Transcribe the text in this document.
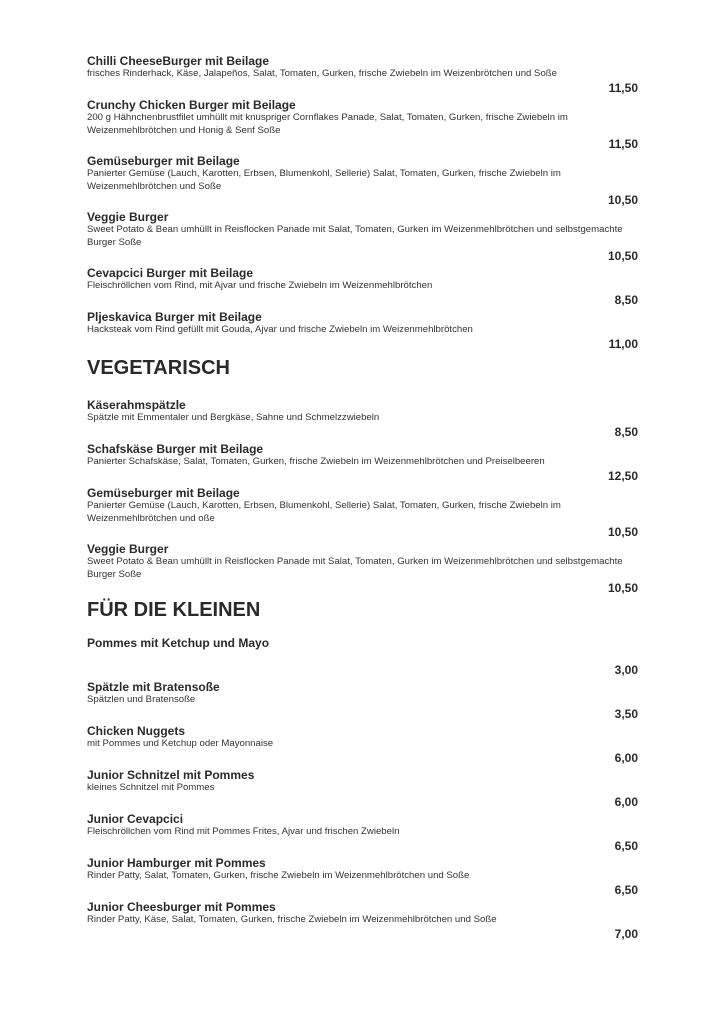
Chilli CheeseBurger mit Beilage
frisches Rinderhack, Käse, Jalapeños, Salat, Tomaten, Gurken, frische Zwiebeln im Weizenbrötchen und Soße
11,50
Crunchy Chicken Burger mit Beilage
200 g Hähnchenbrustfilet umhüllt mit knuspriger Cornflakes Panade, Salat, Tomaten, Gurken, frische Zwiebeln im Weizenmehlbrötchen und Honig & Senf Soße
11,50
Gemüseburger mit Beilage
Panierter Gemüse (Lauch, Karotten, Erbsen, Blumenkohl, Sellerie) Salat, Tomaten, Gurken, frische Zwiebeln im Weizenmehlbrötchen und Soße
10,50
Veggie Burger
Sweet Potato & Bean umhüllt in Reisflocken Panade mit Salat, Tomaten, Gurken im Weizenmehlbrötchen und selbstgemachte Burger Soße
10,50
Cevapcici Burger mit Beilage
Fleischröllchen vom Rind, mit Ajvar und frische Zwiebeln im Weizenmehlbrötchen
8,50
Pljeskavica Burger mit Beilage
Hacksteak vom Rind gefüllt mit Gouda, Ajvar und frische Zwiebeln im Weizenmehlbrötchen
11,00
VEGETARISCH
Käserahmspätzle
Spätzle mit Emmentaler und Bergkäse, Sahne und Schmelzzwiebeln
8,50
Schafskäse Burger mit Beilage
Panierter Schafskäse, Salat, Tomaten, Gurken, frische Zwiebeln im Weizenmehlbrötchen und Preiselbeeren
12,50
Gemüseburger mit Beilage
Panierter Gemüse (Lauch, Karotten, Erbsen, Blumenkohl, Sellerie) Salat, Tomaten, Gurken, frische Zwiebeln im Weizenmehlbrötchen und oße
10,50
Veggie Burger
Sweet Potato & Bean umhüllt in Reisflocken Panade mit Salat, Tomaten, Gurken im Weizenmehlbrötchen und selbstgemachte Burger Soße
10,50
FÜR DIE KLEINEN
Pommes mit Ketchup und Mayo
3,00
Spätzle mit Bratensoße
Spätzlen und Bratensoße
3,50
Chicken Nuggets
mit Pommes und Ketchup oder Mayonnaise
6,00
Junior Schnitzel mit Pommes
kleines Schnitzel mit Pommes
6,00
Junior Cevapcici
Fleischröllchen vom Rind mit Pommes Frites, Ajvar und frischen Zwiebeln
6,50
Junior Hamburger mit Pommes
Rinder Patty, Salat, Tomaten, Gurken, frische Zwiebeln im Weizenmehlbrötchen und Soße
6,50
Junior Cheesburger mit Pommes
Rinder Patty, Käse, Salat, Tomaten, Gurken, frische Zwiebeln im Weizenmehlbrötchen und Soße
7,00
